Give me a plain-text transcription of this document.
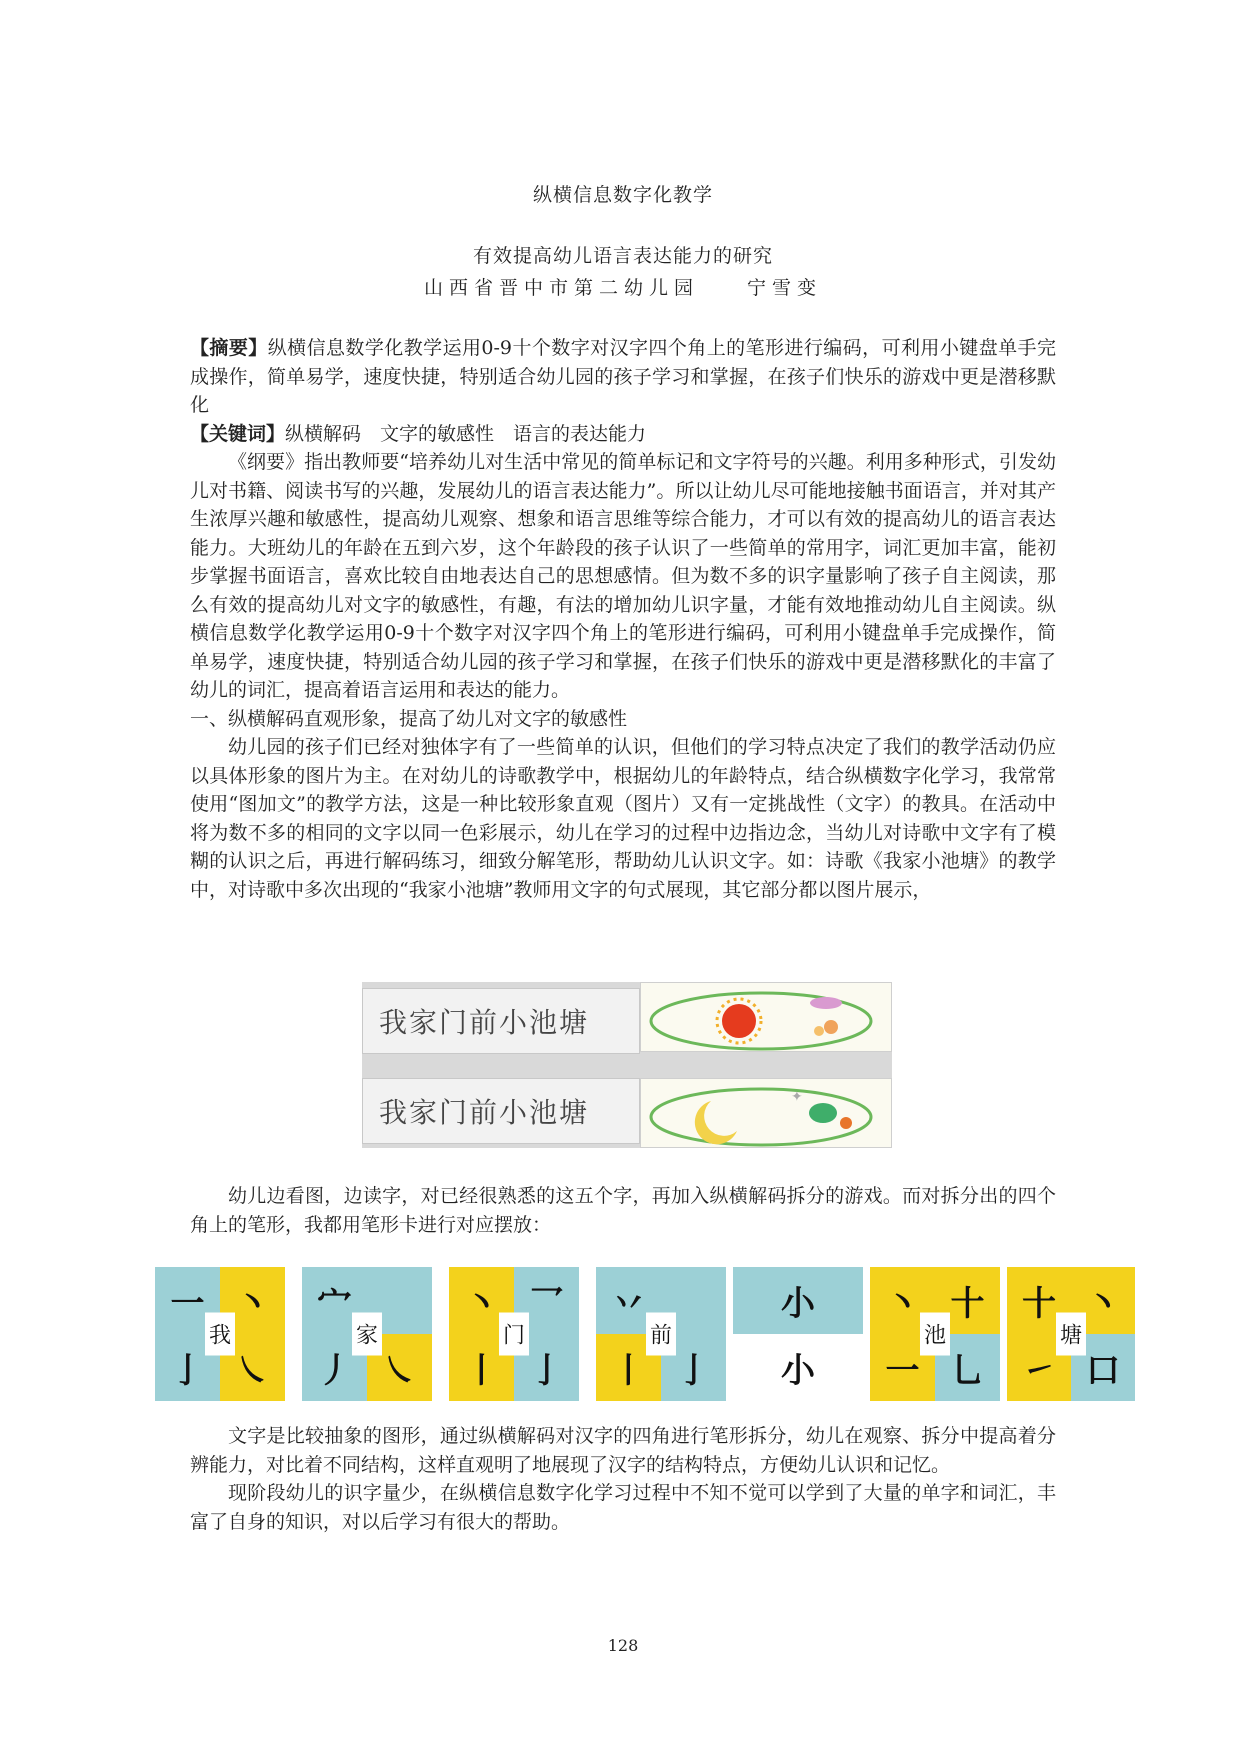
纵横信息数字化教学
有效提高幼儿语言表达能力的研究
山西省晋中市第二幼儿园	宁雪变

【摘要】纵横信息数学化教学运用0-9十个数字对汉字四个角上的笔形进行编码，可利用小键盘单手完成操作，简单易学，速度快捷，特别适合幼儿园的孩子学习和掌握，在孩子们快乐的游戏中更是潜移默化

【关键词】纵横解码　文字的敏感性　语言的表达能力

《纲要》指出教师要“培养幼儿对生活中常见的简单标记和文字符号的兴趣。利用多种形式，引发幼儿对书籍、阅读书写的兴趣，发展幼儿的语言表达能力”。所以让幼儿尽可能地接触书面语言，并对其产生浓厚兴趣和敏感性，提高幼儿观察、想象和语言思维等综合能力，才可以有效的提高幼儿的语言表达能力。大班幼儿的年龄在五到六岁，这个年龄段的孩子认识了一些简单的常用字，词汇更加丰富，能初步掌握书面语言，喜欢比较自由地表达自己的思想感情。但为数不多的识字量影响了孩子自主阅读，那么有效的提高幼儿对文字的敏感性，有趣，有法的增加幼儿识字量，才能有效地推动幼儿自主阅读。纵横信息数学化教学运用0-9十个数字对汉字四个角上的笔形进行编码，可利用小键盘单手完成操作，简单易学，速度快捷，特别适合幼儿园的孩子学习和掌握，在孩子们快乐的游戏中更是潜移默化的丰富了幼儿的词汇，提高着语言运用和表达的能力。

一、纵横解码直观形象，提高了幼儿对文字的敏感性

幼儿园的孩子们已经对独体字有了一些简单的认识，但他们的学习特点决定了我们的教学活动仍应以具体形象的图片为主。在对幼儿的诗歌教学中，根据幼儿的年龄特点，结合纵横数字化学习，我常常使用“图加文”的教学方法，这是一种比较形象直观（图片）又有一定挑战性（文字）的教具。在活动中将为数不多的相同的文字以同一色彩展示，幼儿在学习的过程中边指边念，当幼儿对诗歌中文字有了模糊的认识之后，再进行解码练习，细致分解笔形，帮助幼儿认识文字。如：诗歌《我家小池塘》的教学中，对诗歌中多次出现的“我家小池塘”教师用文字的句式展现，其它部分都以图片展示，

我家门前小池塘
我家门前小池塘	✦

幼儿边看图，边读字，对已经很熟悉的这五个字，再加入纵横解码拆分的游戏。而对拆分出的四个角上的笔形，我都用笔形卡进行对应摆放：

一 丶
亅 ㇏
我
宀
丿 ㇏
家
丶 乛
丨 亅
门
丷
丨 亅
前
小
小
丶 十
一 乚
池
十 丶
㇀ 口
塘

文字是比较抽象的图形，通过纵横解码对汉字的四角进行笔形拆分，幼儿在观察、拆分中提高着分辨能力，对比着不同结构，这样直观明了地展现了汉字的结构特点，方便幼儿认识和记忆。

现阶段幼儿的识字量少，在纵横信息数字化学习过程中不知不觉可以学到了大量的单字和词汇，丰富了自身的知识，对以后学习有很大的帮助。

128
